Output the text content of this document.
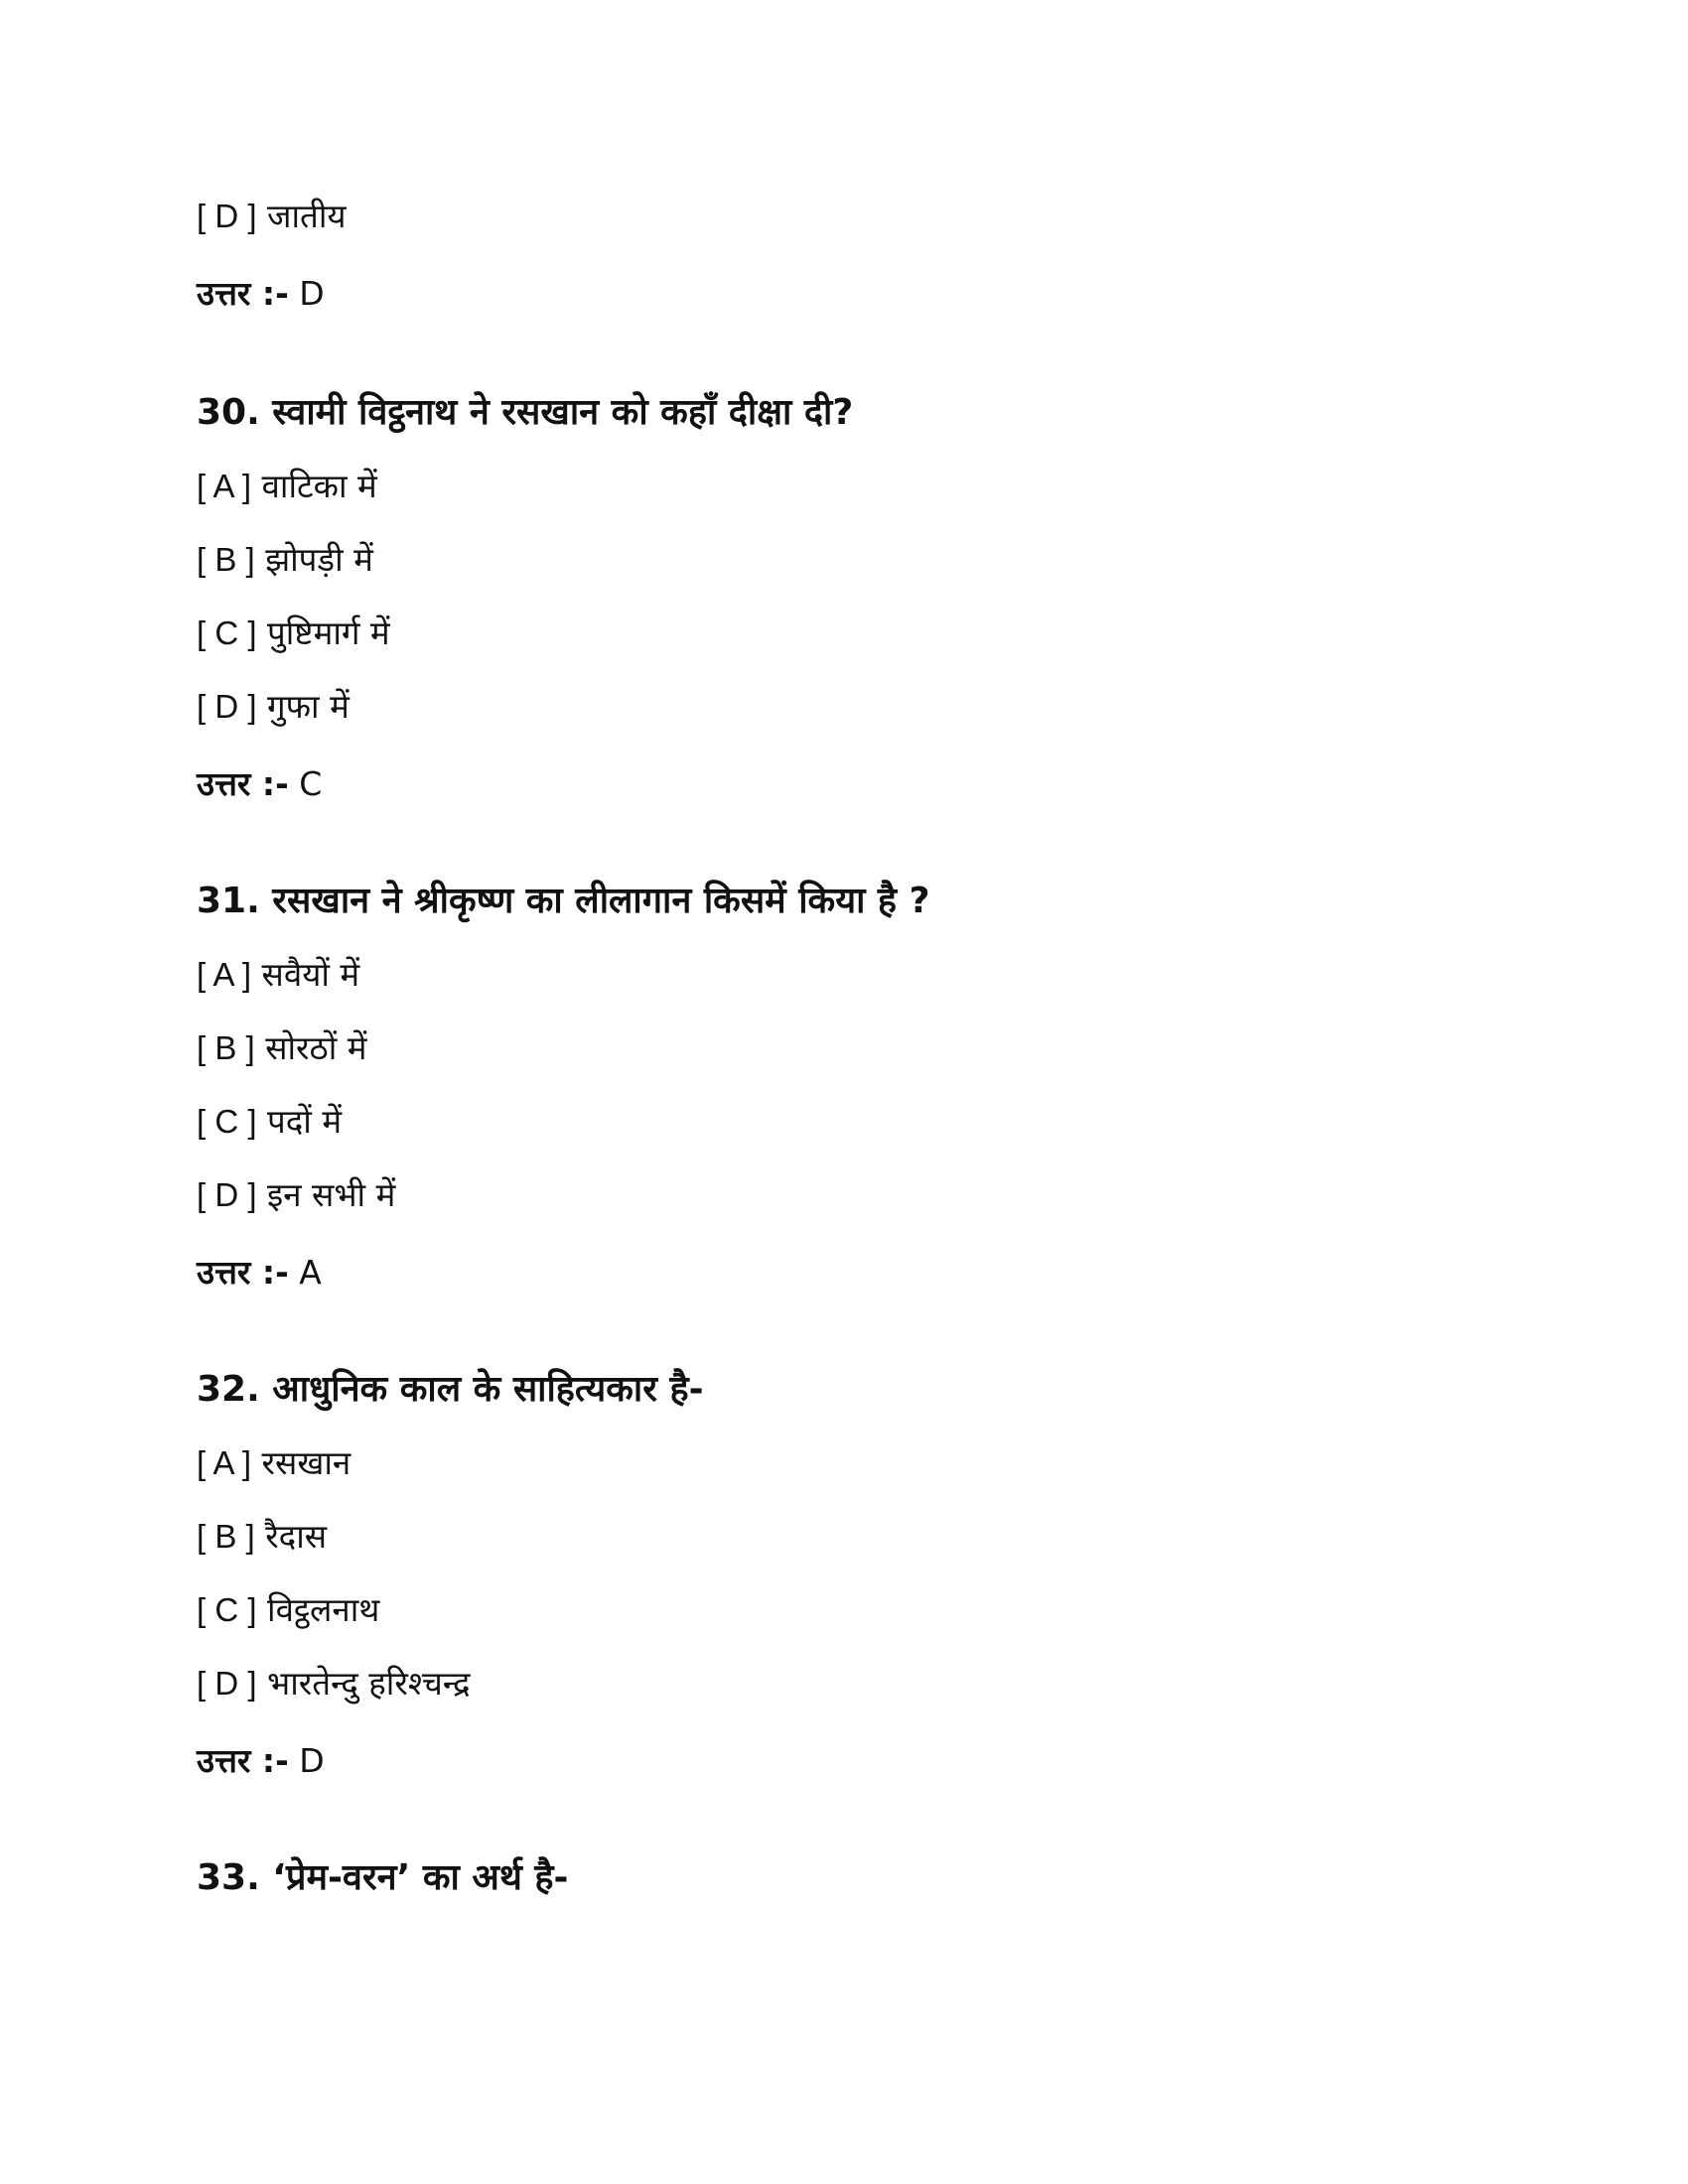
[ D ] जातीय
उत्तर :- D
30. स्वामी विट्ठनाथ ने रसखान को कहाँ दीक्षा दी?
[ A ] वाटिका में
[ B ] झोपड़ी में
[ C ] पुष्टिमार्ग में
[ D ] गुफा में
उत्तर :- C
31. रसखान ने श्रीकृष्ण का लीलागान किसमें किया है ?
[ A ] सवैयों में
[ B ] सोरठों में
[ C ] पदों में
[ D ] इन सभी में
उत्तर :- A
32. आधुनिक काल के साहित्यकार है-
[ A ] रसखान
[ B ] रैदास
[ C ] विट्ठलनाथ
[ D ] भारतेन्दु हरिश्चन्द्र
उत्तर :- D
33. ‘प्रेम-वरन’ का अर्थ है-
